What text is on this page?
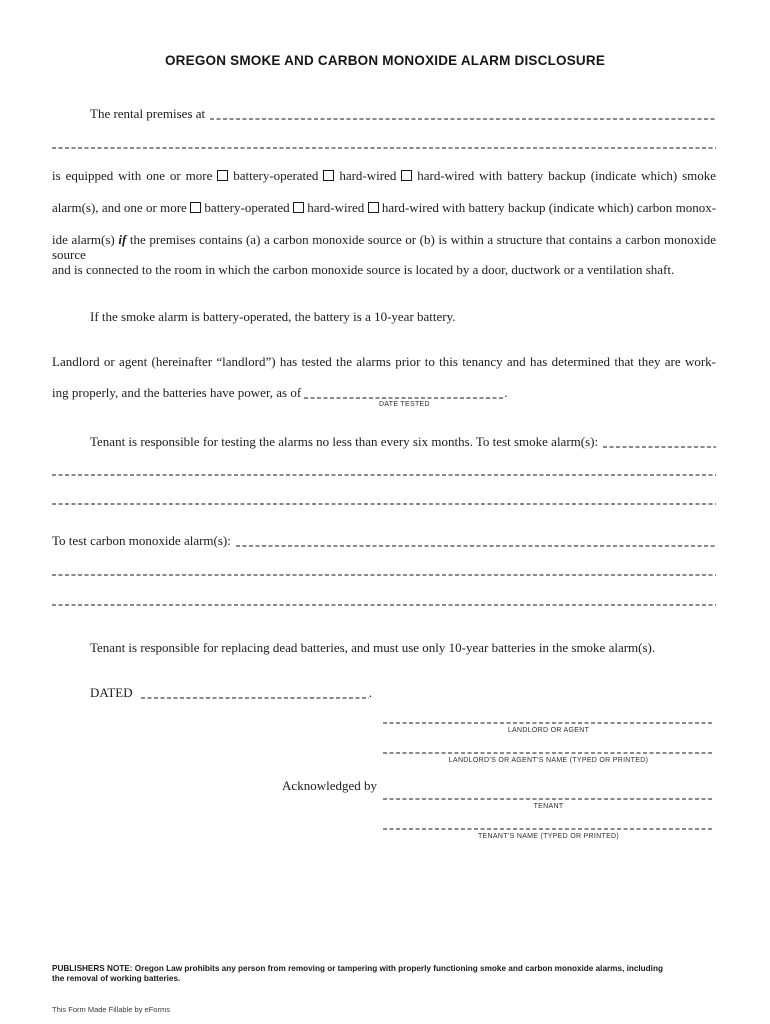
OREGON SMOKE AND CARBON MONOXIDE ALARM DISCLOSURE
The rental premises at
is equipped with one or more battery-operated hard-wired hard-wired with battery backup (indicate which) smoke
alarm(s), and one or more battery-operated hard-wired hard-wired with battery backup (indicate which) carbon monox-
ide alarm(s) if the premises contains (a) a carbon monoxide source or (b) is within a structure that contains a carbon monoxide source
and is connected to the room in which the carbon monoxide source is located by a door, ductwork or a ventilation shaft.
If the smoke alarm is battery-operated, the battery is a 10-year battery.
Landlord or agent (hereinafter “landlord”) has tested the alarms prior to this tenancy and has determined that they are work-
ing properly, and the batteries have power, as of
DATE TESTED
.
Tenant is responsible for testing the alarms no less than every six months. To test smoke alarm(s):
To test carbon monoxide alarm(s):
Tenant is responsible for replacing dead batteries, and must use only 10-year batteries in the smoke alarm(s).
DATED	.
LANDLORD OR AGENT
LANDLORD’S OR AGENT’S NAME (TYPED OR PRINTED)
Acknowledged by
TENANT
TENANT’S NAME (TYPED OR PRINTED)
PUBLISHERS NOTE: Oregon Law prohibits any person from removing or tampering with properly functioning smoke and carbon monoxide alarms, including
the removal of working batteries.
This Form Made Fillable by eForms
